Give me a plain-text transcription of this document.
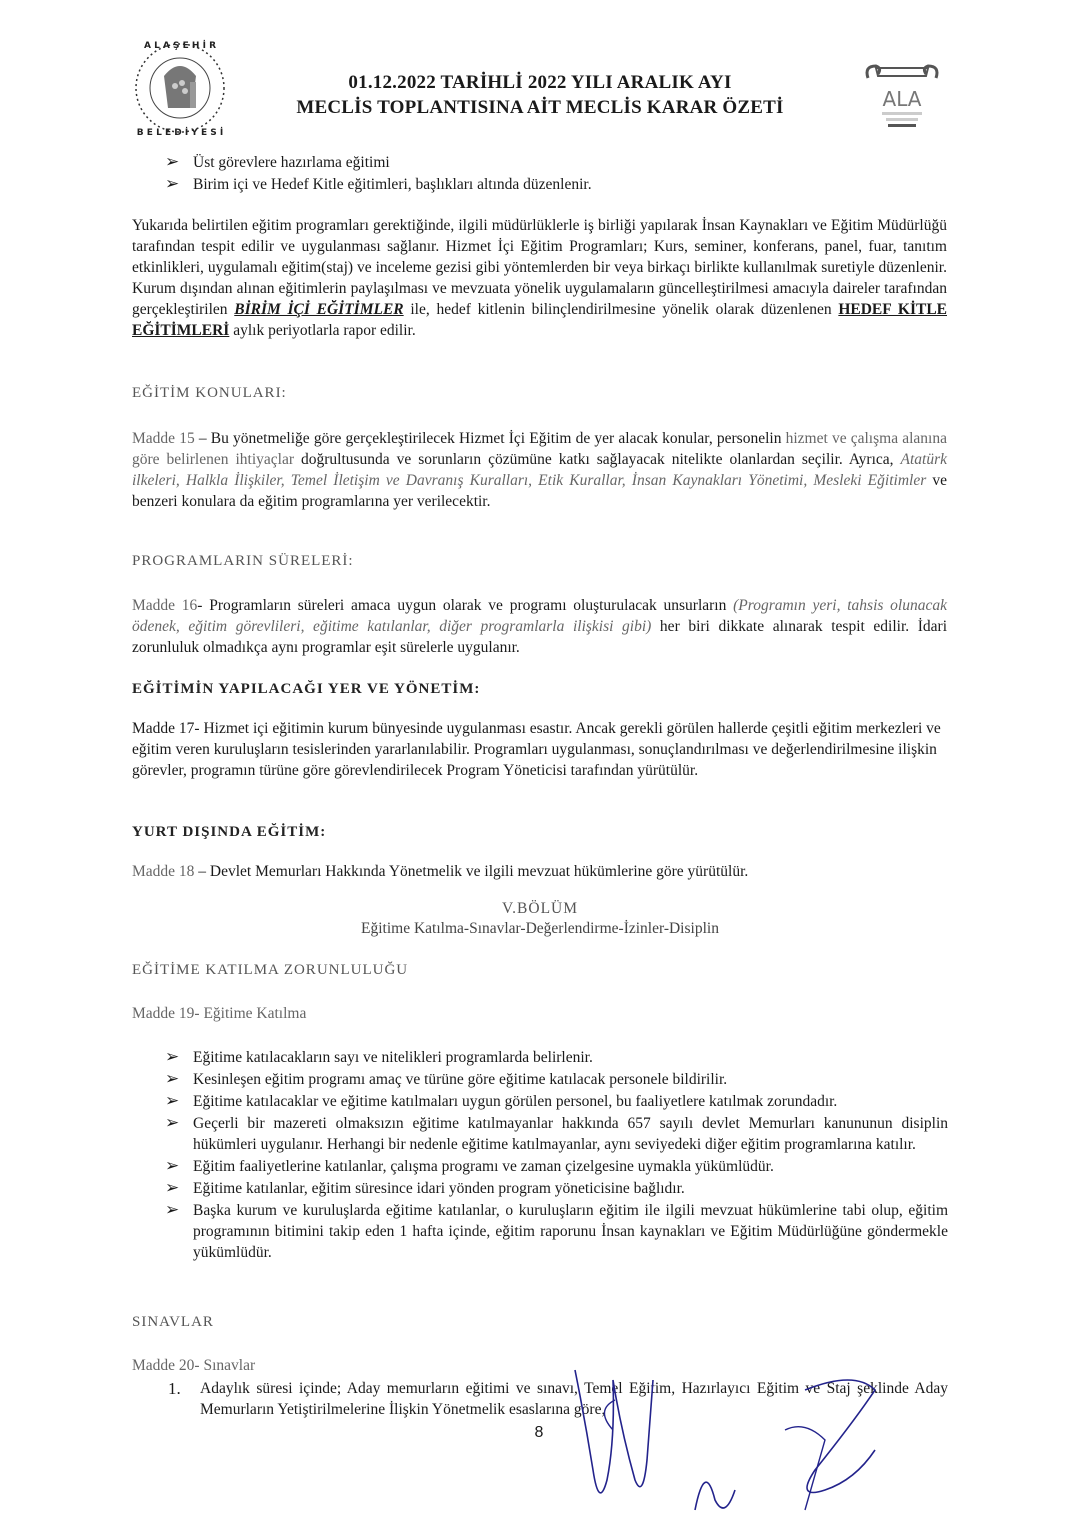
A L A Ş E H İ R
B E L E D İ Y E S İ
01.12.2022 TARİHLİ 2022 YILI ARALIK AYI
MECLİS TOPLANTISINA AİT MECLİS KARAR ÖZETİ	ALA
➢ Üst görevlere hazırlama eğitimi
➢ Birim içi ve Hedef Kitle eğitimleri, başlıkları altında düzenlenir.
Yukarıda belirtilen eğitim programları gerektiğinde, ilgili müdürlüklerle iş birliği yapılarak İnsan Kaynakları ve Eğitim Müdürlüğü tarafından tespit edilir ve uygulanması sağlanır. Hizmet İçi Eğitim Programları; Kurs, seminer, konferans, panel, fuar, tanıtım etkinlikleri, uygulamalı eğitim(staj) ve inceleme gezisi gibi yöntemlerden bir veya birkaçı birlikte kullanılmak suretiyle düzenlenir. Kurum dışından alınan eğitimlerin paylaşılması ve mevzuata yönelik uygulamaların güncelleştirilmesi amacıyla daireler tarafından gerçekleştirilen BİRİM İÇİ EĞİTİMLER ile, hedef kitlenin bilinçlendirilmesine yönelik olarak düzenlenen HEDEF KİTLE EĞİTİMLERİ aylık periyotlarla rapor edilir.
EĞİTİM KONULARI:
Madde 15 – Bu yönetmeliğe göre gerçekleştirilecek Hizmet İçi Eğitim de yer alacak konular, personelin hizmet ve çalışma alanına göre belirlenen ihtiyaçlar doğrultusunda ve sorunların çözümüne katkı sağlayacak nitelikte olanlardan seçilir. Ayrıca, Atatürk ilkeleri, Halkla İlişkiler, Temel İletişim ve Davranış Kuralları, Etik Kurallar, İnsan Kaynakları Yönetimi, Mesleki Eğitimler ve benzeri konulara da eğitim programlarına yer verilecektir.
PROGRAMLARIN SÜRELERİ:
Madde 16- Programların süreleri amaca uygun olarak ve programı oluşturulacak unsurların (Programın yeri, tahsis olunacak ödenek, eğitim görevlileri, eğitime katılanlar, diğer programlarla ilişkisi gibi) her biri dikkate alınarak tespit edilir. İdari zorunluluk olmadıkça aynı programlar eşit sürelerle uygulanır.
EĞİTİMİN YAPILACAĞI YER VE YÖNETİM:
Madde 17- Hizmet içi eğitimin kurum bünyesinde uygulanması esastır. Ancak gerekli görülen hallerde çeşitli eğitim merkezleri ve eğitim veren kuruluşların tesislerinden yararlanılabilir. Programları uygulanması, sonuçlandırılması ve değerlendirilmesine ilişkin görevler, programın türüne göre görevlendirilecek Program Yöneticisi tarafından yürütülür.
YURT DIŞINDA EĞİTİM:
Madde 18 – Devlet Memurları Hakkında Yönetmelik ve ilgili mevzuat hükümlerine göre yürütülür.
V.BÖLÜM
Eğitime Katılma-Sınavlar-Değerlendirme-İzinler-Disiplin
EĞİTİME KATILMA ZORUNLULUĞU
Madde 19- Eğitime Katılma
➢ Eğitime katılacakların sayı ve nitelikleri programlarda belirlenir.
➢ Kesinleşen eğitim programı amaç ve türüne göre eğitime katılacak personele bildirilir.
➢ Eğitime katılacaklar ve eğitime katılmaları uygun görülen personel, bu faaliyetlere katılmak zorundadır.
➢ Geçerli bir mazereti olmaksızın eğitime katılmayanlar hakkında 657 sayılı devlet Memurları kanununun disiplin hükümleri uygulanır. Herhangi bir nedenle eğitime katılmayanlar, aynı seviyedeki diğer eğitim programlarına katılır.
➢ Eğitim faaliyetlerine katılanlar, çalışma programı ve zaman çizelgesine uymakla yükümlüdür.
➢ Eğitime katılanlar, eğitim süresince idari yönden program yöneticisine bağlıdır.
➢ Başka kurum ve kuruluşlarda eğitime katılanlar, o kuruluşların eğitim ile ilgili mevzuat hükümlerine tabi olup, eğitim programının bitimini takip eden 1 hafta içinde, eğitim raporunu İnsan kaynakları ve Eğitim Müdürlüğüne göndermekle yükümlüdür.
SINAVLAR
Madde 20- Sınavlar
1.	Adaylık süresi içinde; Aday memurların eğitimi ve sınavı, Temel Eğitim, Hazırlayıcı Eğitim ve Staj şeklinde Aday Memurların Yetiştirilmelerine İlişkin Yönetmelik esaslarına göre,
8
